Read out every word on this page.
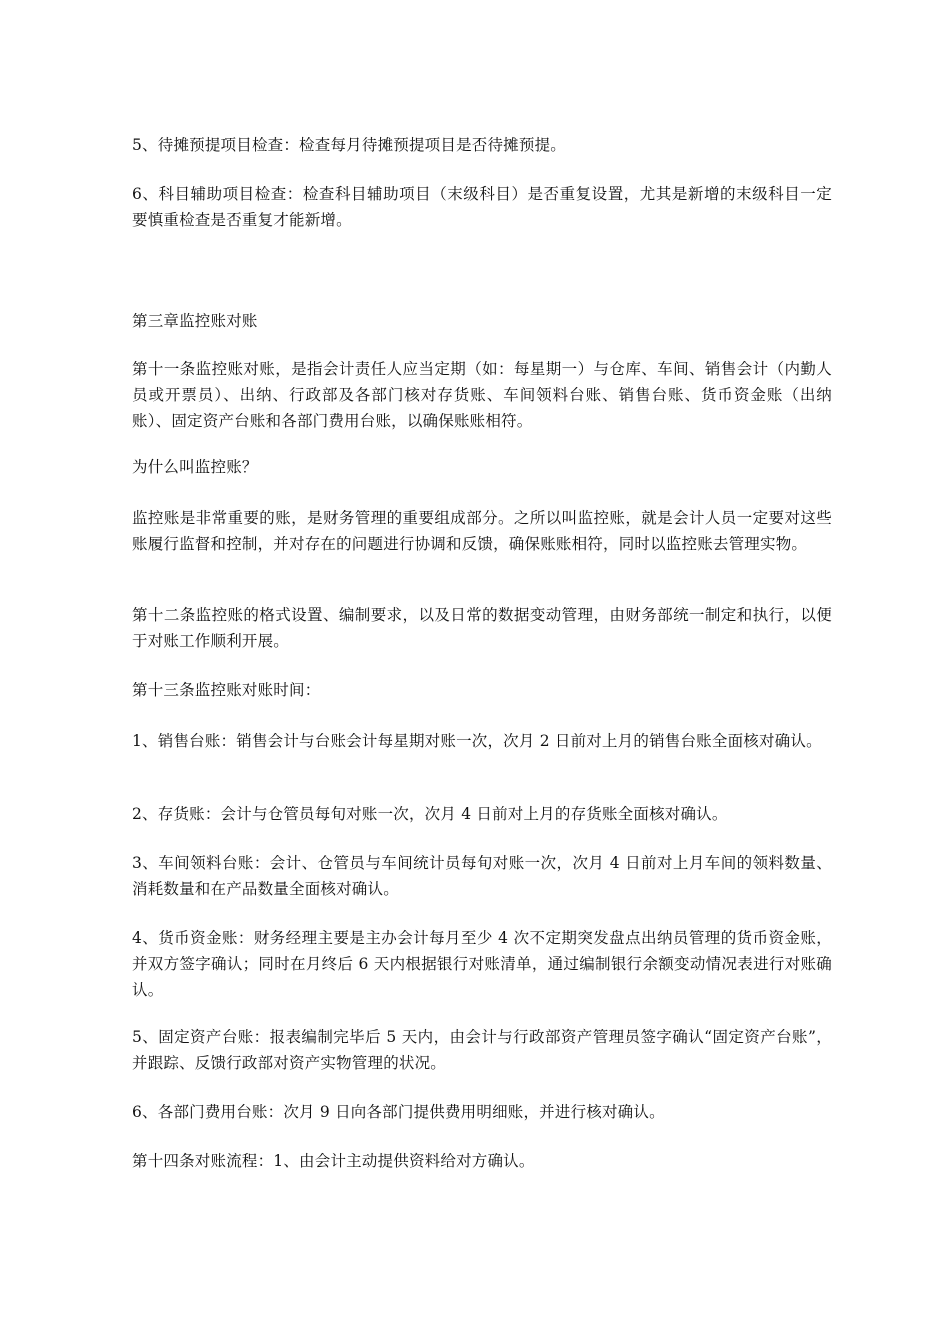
5、待摊预提项目检查：检查每月待摊预提项目是否待摊预提。

6、科目辅助项目检查：检查科目辅助项目（末级科目）是否重复设置，尤其是新增的末级科目一定要慎重检查是否重复才能新增。

第三章监控账对账

第十一条监控账对账，是指会计责任人应当定期（如：每星期一）与仓库、车间、销售会计（内勤人员或开票员）、出纳、行政部及各部门核对存货账、车间领料台账、销售台账、货币资金账（出纳账）、固定资产台账和各部门费用台账，以确保账账相符。

为什么叫监控账？

监控账是非常重要的账，是财务管理的重要组成部分。之所以叫监控账，就是会计人员一定要对这些账履行监督和控制，并对存在的问题进行协调和反馈，确保账账相符，同时以监控账去管理实物。

第十二条监控账的格式设置、编制要求，以及日常的数据变动管理，由财务部统一制定和执行，以便于对账工作顺利开展。

第十三条监控账对账时间：

1、销售台账：销售会计与台账会计每星期对账一次，次月 2 日前对上月的销售台账全面核对确认。

2、存货账：会计与仓管员每旬对账一次，次月 4 日前对上月的存货账全面核对确认。

3、车间领料台账：会计、仓管员与车间统计员每旬对账一次，次月 4 日前对上月车间的领料数量、消耗数量和在产品数量全面核对确认。

4、货币资金账：财务经理主要是主办会计每月至少 4 次不定期突发盘点出纳员管理的货币资金账，并双方签字确认；同时在月终后 6 天内根据银行对账清单，通过编制银行余额变动情况表进行对账确认。

5、固定资产台账：报表编制完毕后 5 天内，由会计与行政部资产管理员签字确认“固定资产台账”，并跟踪、反馈行政部对资产实物管理的状况。

6、各部门费用台账：次月 9 日向各部门提供费用明细账，并进行核对确认。

第十四条对账流程：1、由会计主动提供资料给对方确认。
